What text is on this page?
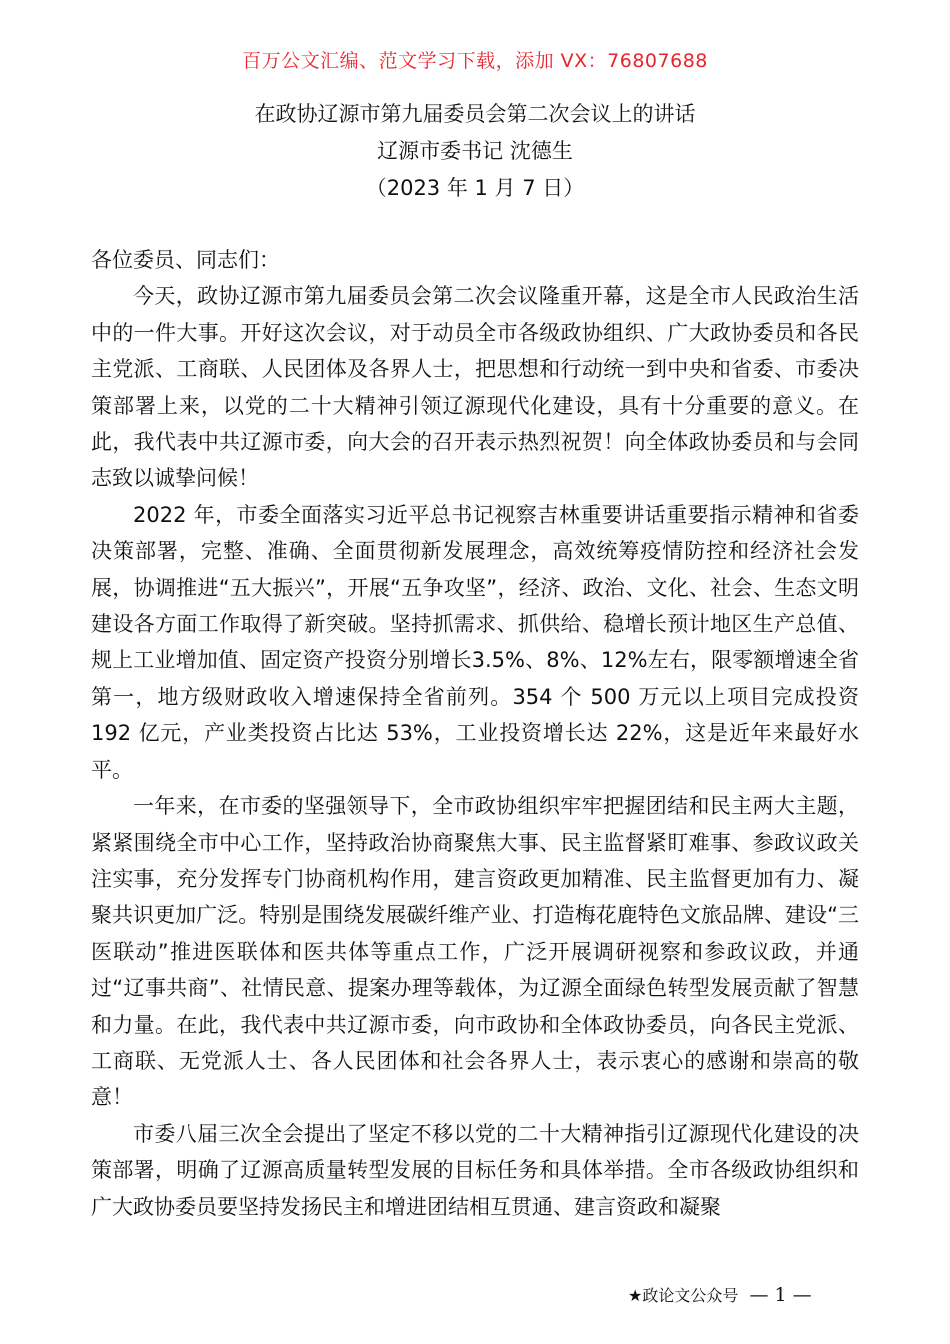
百万公文汇编、范文学习下载，添加 VX：76807688
在政协辽源市第九届委员会第二次会议上的讲话
辽源市委书记 沈德生
（2023 年 1 月 7 日）

各位委员、同志们：

今天，政协辽源市第九届委员会第二次会议隆重开幕，这是全市人民政治生活中的一件大事。开好这次会议，对于动员全市各级政协组织、广大政协委员和各民主党派、工商联、人民团体及各界人士，把思想和行动统一到中央和省委、市委决策部署上来，以党的二十大精神引领辽源现代化建设，具有十分重要的意义。在此，我代表中共辽源市委，向大会的召开表示热烈祝贺！向全体政协委员和与会同志致以诚挚问候！

2022 年，市委全面落实习近平总书记视察吉林重要讲话重要指示精神和省委决策部署，完整、准确、全面贯彻新发展理念，高效统筹疫情防控和经济社会发展，协调推进“五大振兴”，开展“五争攻坚”，经济、政治、文化、社会、生态文明建设各方面工作取得了新突破。坚持抓需求、抓供给、稳增长预计地区生产总值、规上工业增加值、固定资产投资分别增长3.5%、8%、12%左右，限零额增速全省第一，地方级财政收入增速保持全省前列。354 个 500 万元以上项目完成投资 192 亿元，产业类投资占比达 53%，工业投资增长达 22%，这是近年来最好水平。

一年来，在市委的坚强领导下，全市政协组织牢牢把握团结和民主两大主题，紧紧围绕全市中心工作，坚持政治协商聚焦大事、民主监督紧盯难事、参政议政关注实事，充分发挥专门协商机构作用，建言资政更加精准、民主监督更加有力、凝聚共识更加广泛。特别是围绕发展碳纤维产业、打造梅花鹿特色文旅品牌、建设“三医联动”推进医联体和医共体等重点工作，广泛开展调研视察和参政议政，并通过“辽事共商”、社情民意、提案办理等载体，为辽源全面绿色转型发展贡献了智慧和力量。在此，我代表中共辽源市委，向市政协和全体政协委员，向各民主党派、工商联、无党派人士、各人民团体和社会各界人士，表示衷心的感谢和崇高的敬意！

市委八届三次全会提出了坚定不移以党的二十大精神指引辽源现代化建设的决策部署，明确了辽源高质量转型发展的目标任务和具体举措。全市各级政协组织和广大政协委员要坚持发扬民主和增进团结相互贯通、建言资政和凝聚

★政论文公众号 — 1 —
